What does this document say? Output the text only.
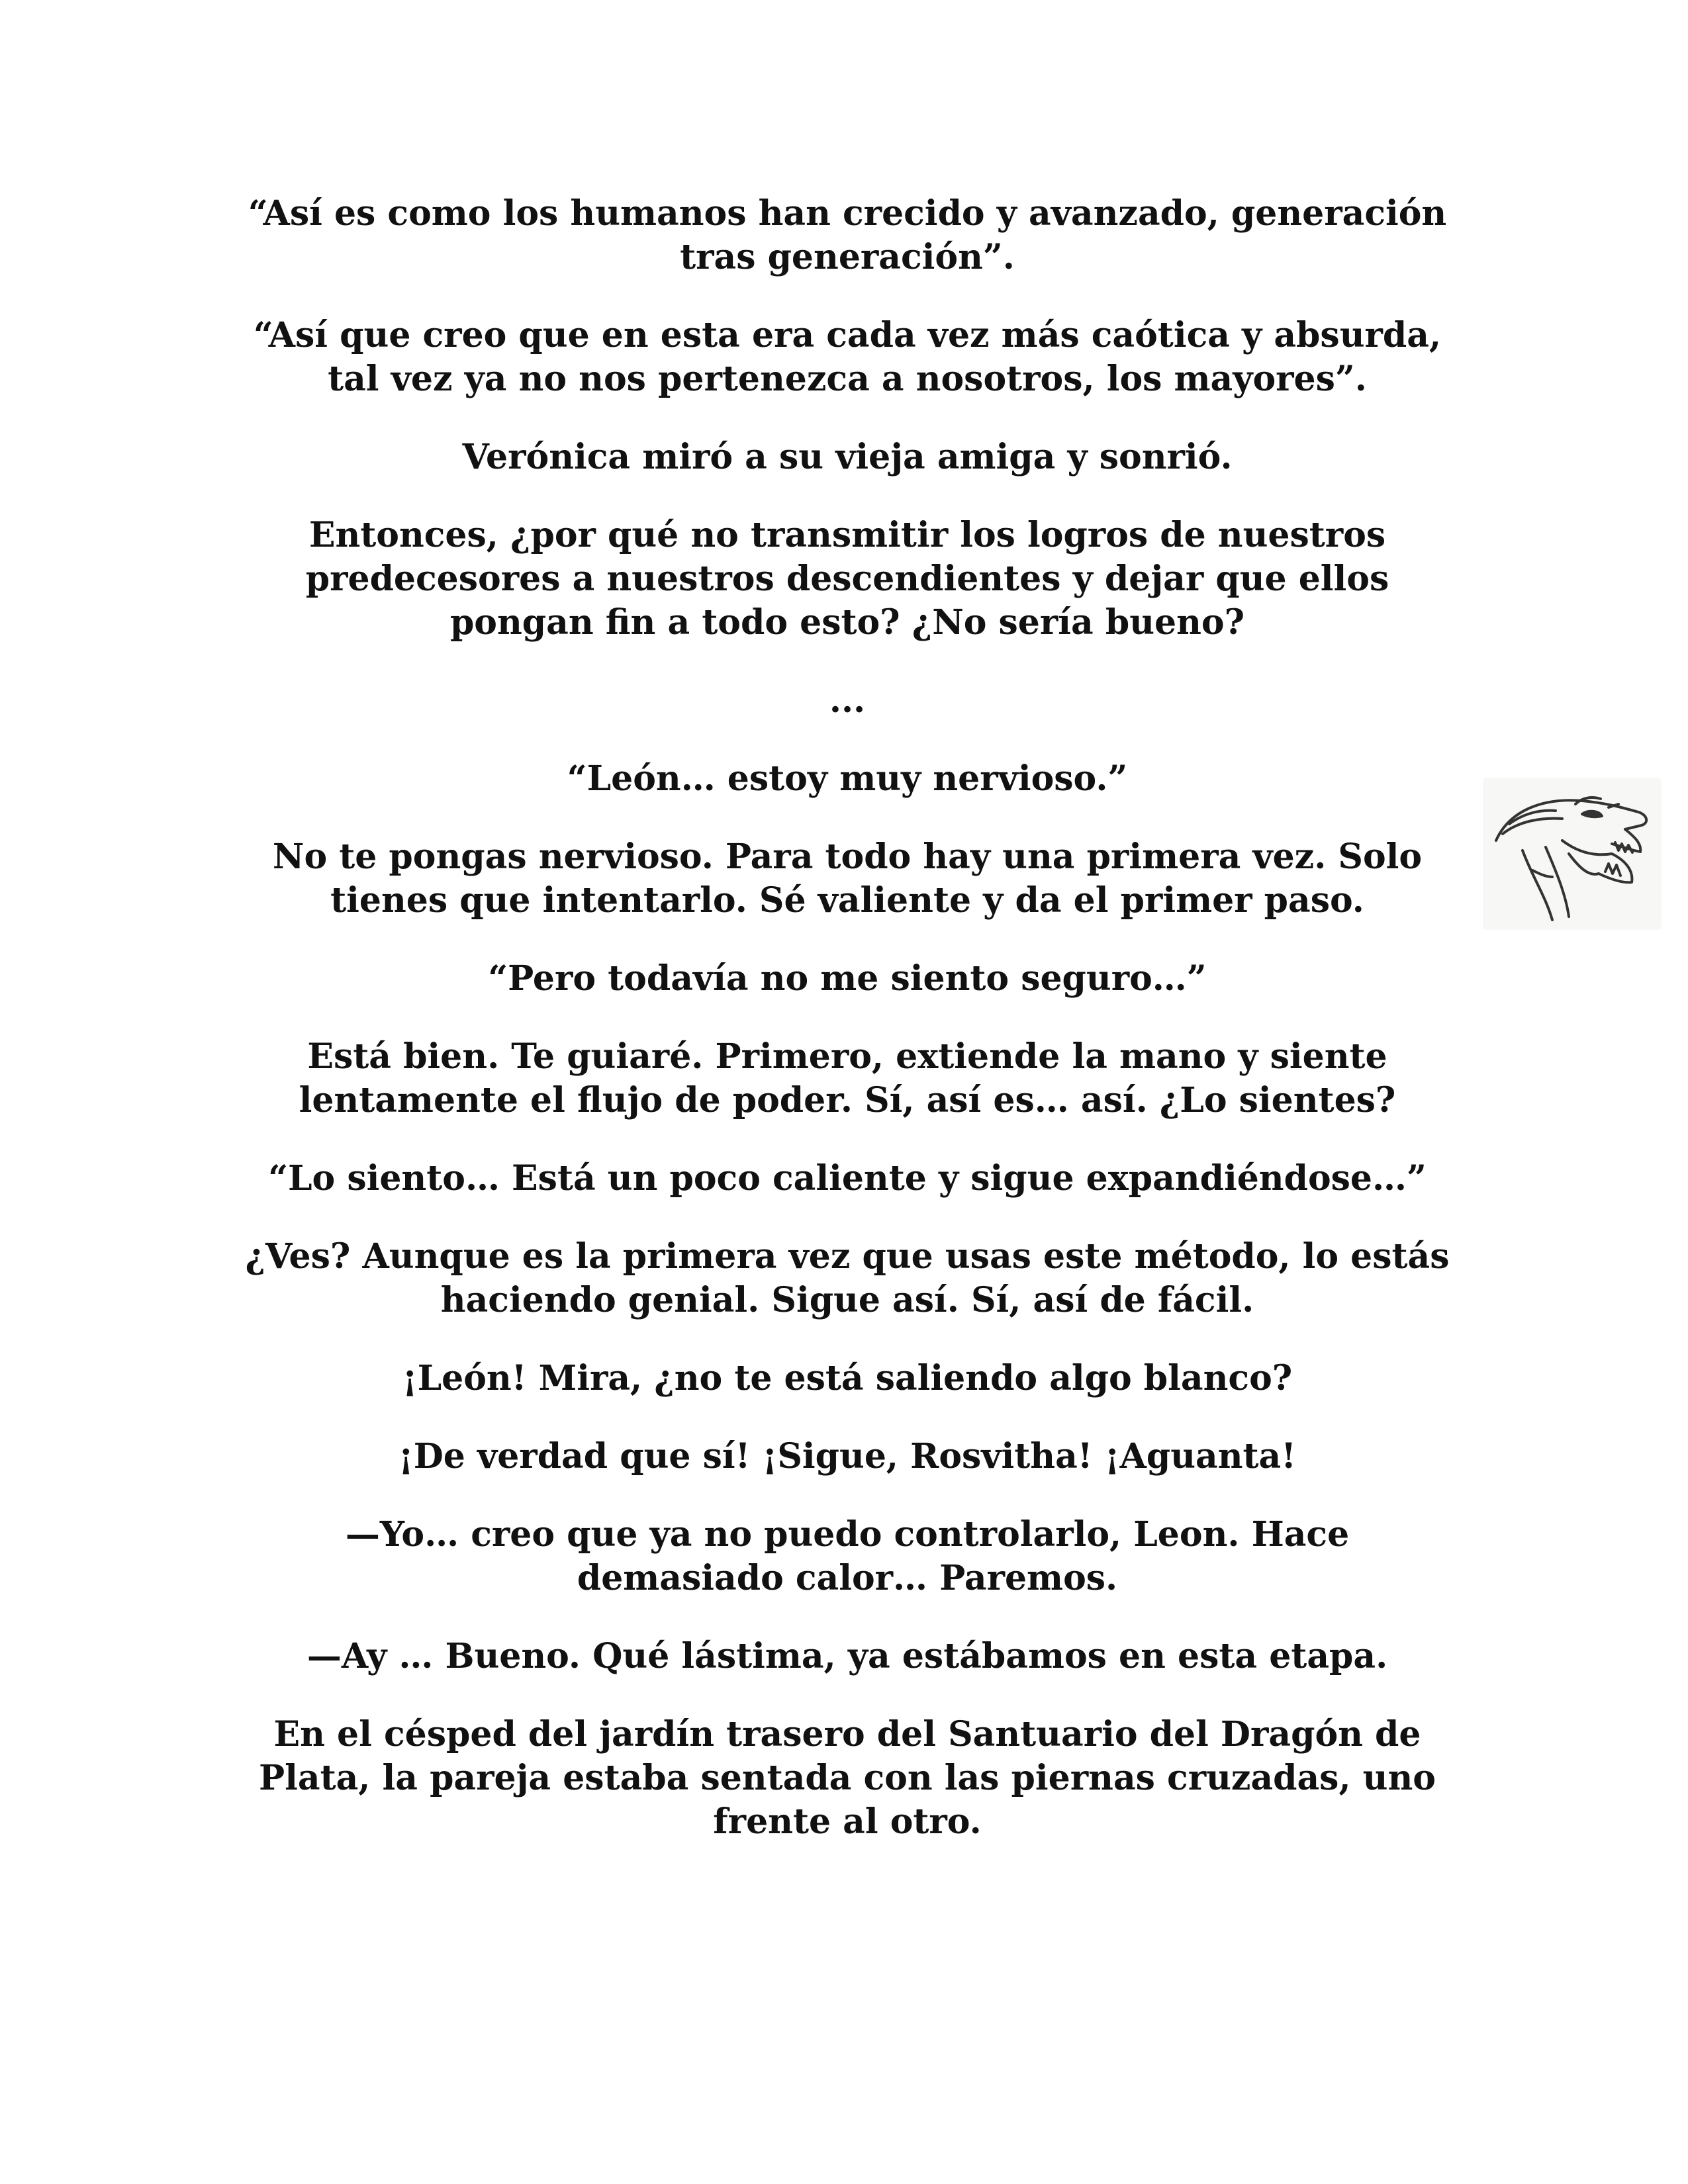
“Así es como los humanos han crecido y avanzado, generación
tras generación”.

“Así que creo que en esta era cada vez más caótica y absurda,
tal vez ya no nos pertenezca a nosotros, los mayores”.

Verónica miró a su vieja amiga y sonrió.

Entonces, ¿por qué no transmitir los logros de nuestros
predecesores a nuestros descendientes y dejar que ellos
pongan fin a todo esto? ¿No sería bueno?

...

“León… estoy muy nervioso.”

No te pongas nervioso. Para todo hay una primera vez. Solo
tienes que intentarlo. Sé valiente y da el primer paso.

“Pero todavía no me siento seguro…”

Está bien. Te guiaré. Primero, extiende la mano y siente
lentamente el flujo de poder. Sí, así es… así. ¿Lo sientes?

“Lo siento… Está un poco caliente y sigue expandiéndose…”

¿Ves? Aunque es la primera vez que usas este método, lo estás
haciendo genial. Sigue así. Sí, así de fácil.

¡León! Mira, ¿no te está saliendo algo blanco?

¡De verdad que sí! ¡Sigue, Rosvitha! ¡Aguanta!

—Yo… creo que ya no puedo controlarlo, Leon. Hace
demasiado calor… Paremos.

—Ay … Bueno. Qué lástima, ya estábamos en esta etapa.

En el césped del jardín trasero del Santuario del Dragón de
Plata, la pareja estaba sentada con las piernas cruzadas, uno
frente al otro.
